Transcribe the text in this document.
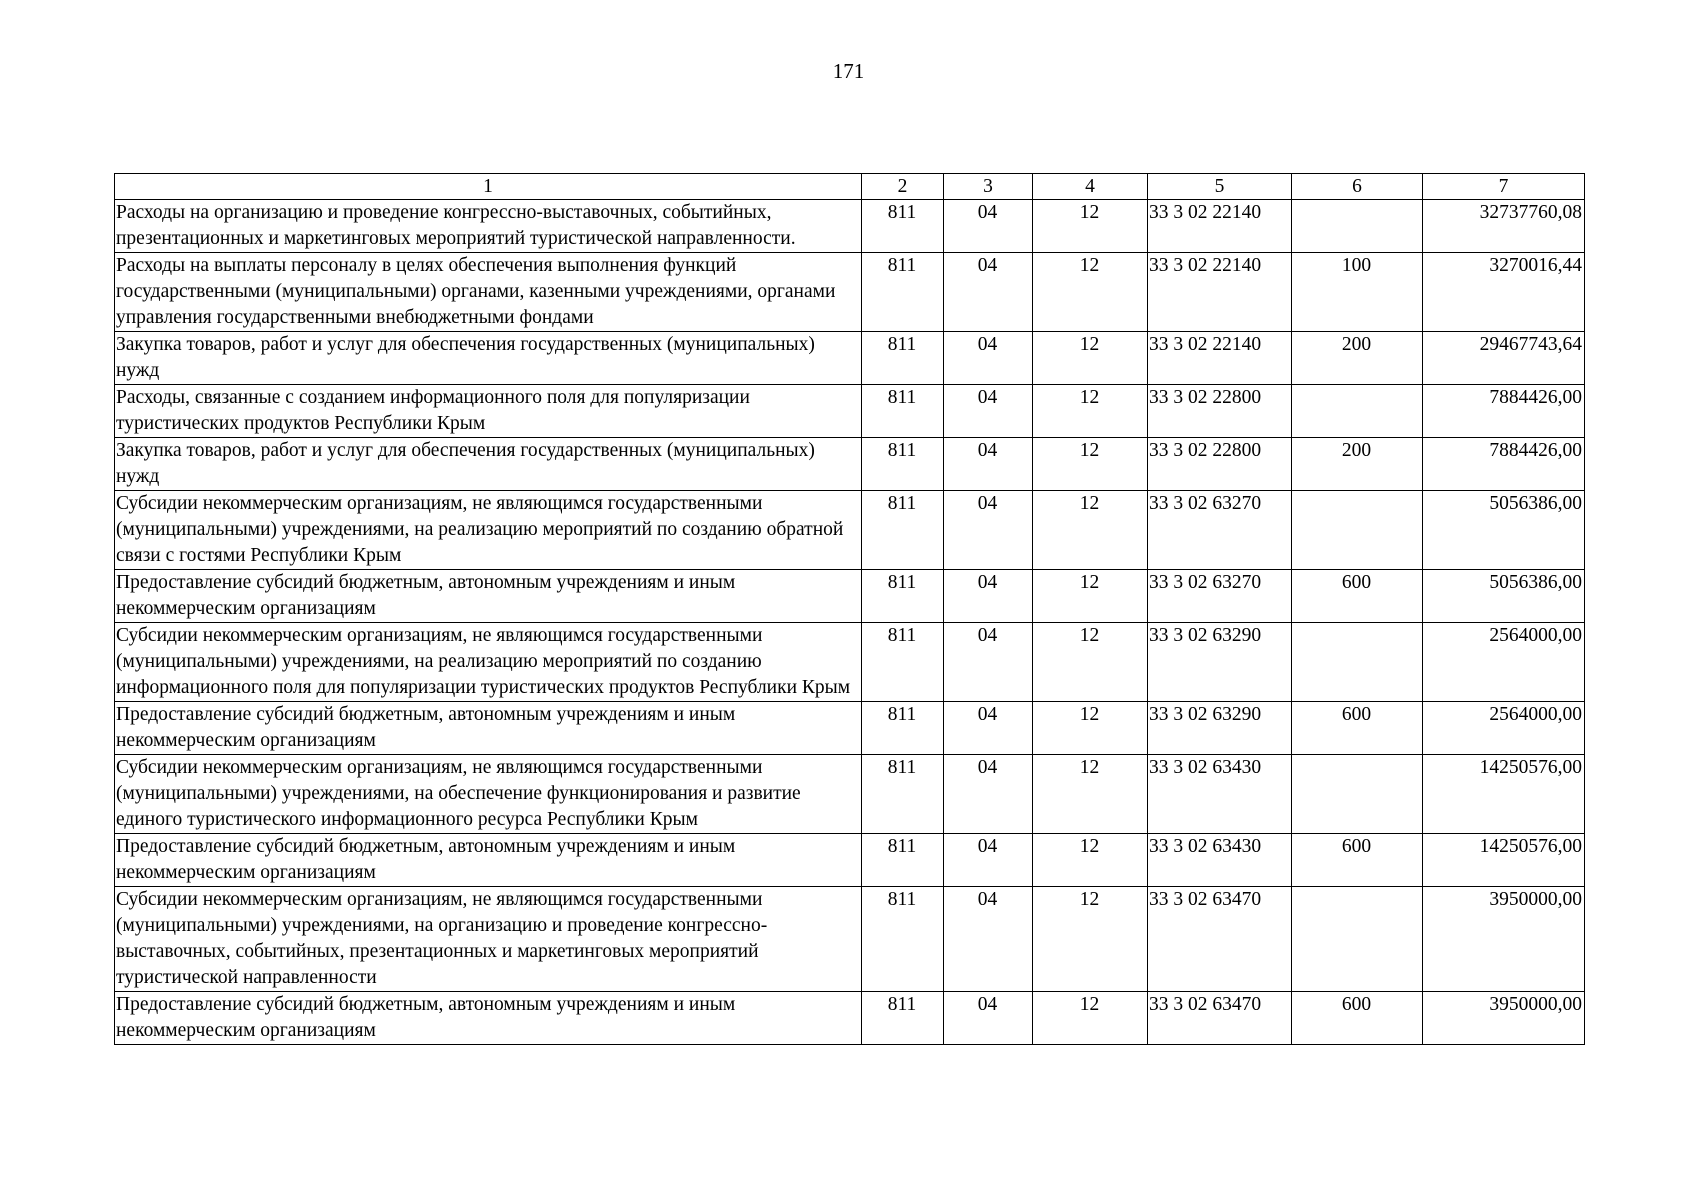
171
1	2	3	4	5	6	7
Расходы на организацию и проведение конгрессно-выставочных, событийных, презентационных и маркетинговых мероприятий туристической направленности.	811	04	12	33 3 02 22140		32737760,08
Расходы на выплаты персоналу в целях обеспечения выполнения функций государственными (муниципальными) органами, казенными учреждениями, органами управления государственными внебюджетными фондами	811	04	12	33 3 02 22140	100	3270016,44
Закупка товаров, работ и услуг для обеспечения государственных (муниципальных) нужд	811	04	12	33 3 02 22140	200	29467743,64
Расходы, связанные с созданием информационного поля для популяризации туристических продуктов Республики Крым	811	04	12	33 3 02 22800		7884426,00
Закупка товаров, работ и услуг для обеспечения государственных (муниципальных) нужд	811	04	12	33 3 02 22800	200	7884426,00
Субсидии некоммерческим организациям, не являющимся государственными (муниципальными) учреждениями, на реализацию мероприятий по созданию обратной связи с гостями Республики Крым	811	04	12	33 3 02 63270		5056386,00
Предоставление субсидий бюджетным, автономным учреждениям и иным некоммерческим организациям	811	04	12	33 3 02 63270	600	5056386,00
Субсидии некоммерческим организациям, не являющимся государственными (муниципальными) учреждениями, на реализацию мероприятий по созданию информационного поля для популяризации туристических продуктов Республики Крым	811	04	12	33 3 02 63290		2564000,00
Предоставление субсидий бюджетным, автономным учреждениям и иным некоммерческим организациям	811	04	12	33 3 02 63290	600	2564000,00
Субсидии некоммерческим организациям, не являющимся государственными (муниципальными) учреждениями, на обеспечение функционирования и развитие единого туристического информационного ресурса Республики Крым	811	04	12	33 3 02 63430		14250576,00
Предоставление субсидий бюджетным, автономным учреждениям и иным некоммерческим организациям	811	04	12	33 3 02 63430	600	14250576,00
Субсидии некоммерческим организациям, не являющимся государственными (муниципальными) учреждениями, на организацию и проведение конгрессно-выставочных, событийных, презентационных и маркетинговых мероприятий туристической направленности	811	04	12	33 3 02 63470		3950000,00
Предоставление субсидий бюджетным, автономным учреждениям и иным некоммерческим организациям	811	04	12	33 3 02 63470	600	3950000,00
